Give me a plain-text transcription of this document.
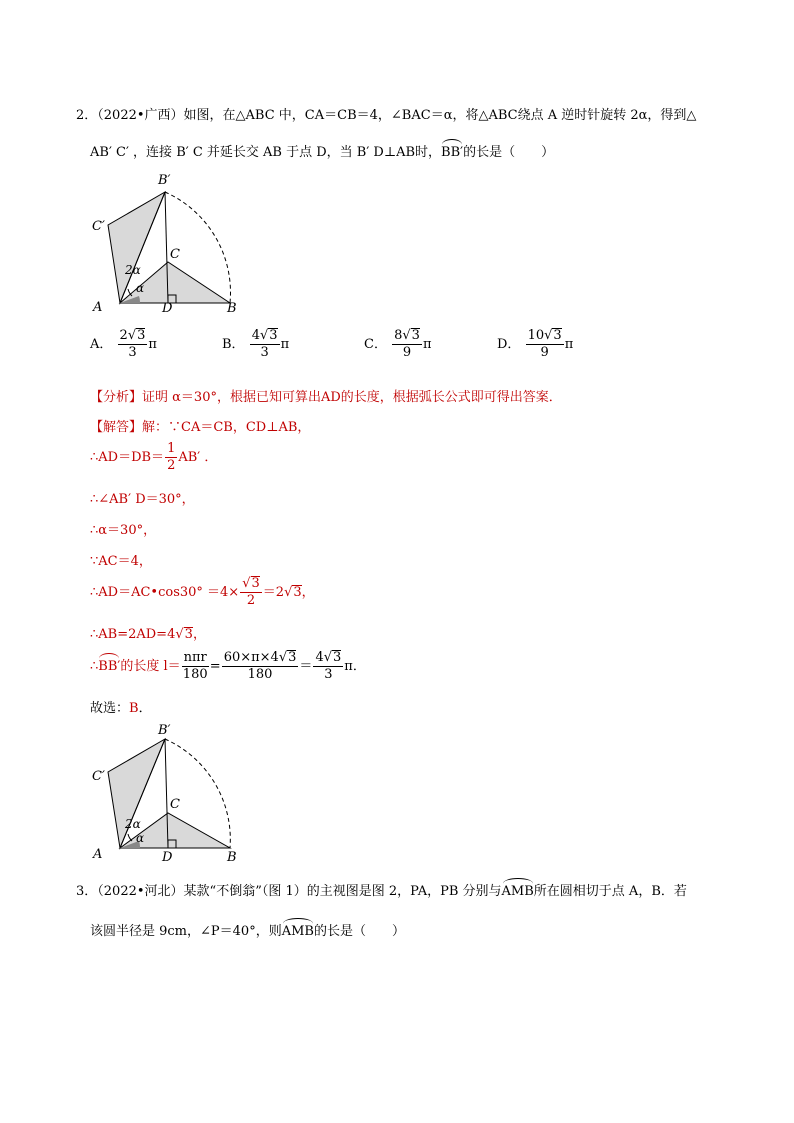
2．（2022•广西）如图，在△ABC 中，CA＝CB＝4，∠BAC＝α，将△ABC绕点 A 逆时针旋转 2α，得到△
AB′ C′ ，连接 B′ C 并延长交 AB 于点 D，当 B′ D⊥AB时，BB′的长是（　　）
B′
C′
C
2α
α
A	D	B
A． $\frac{2√3}{3}$ π	B． $\frac{4√3}{3}$ π	C． $\frac{8√3}{9}$ π	D． $\frac{10√3}{9}$ π
【分析】证明 α＝30°，根据已知可算出AD的长度，根据弧长公式即可得出答案．
【解答】解：∵CA＝CB，CD⊥AB，
∴AD＝DB＝ $\frac{1}{2} AB'$ ．
∴∠AB′ D＝30°，
∴α＝30°，
∵AC＝4，
∴AD＝AC•cos30° $=4\times \frac{√3}{2} =2√3$，
∴AB=2AD=4√3，
∴BB′的长度 $l= \frac{\text{nπr}}{180} = \frac{60\times\pi\times 4√3}{180} = \frac{4√3}{3}$ π．
故选：B．
B′
C′
C
2α
α
A	D	B
3．（2022•河北）某款“不倒翁”（图 1）的主视图是图 2，PA，PB 分别与AMB所在圆相切于点 A，B．若
该圆半径是 9cm，∠P＝40°，则AMB的长是（　　）
